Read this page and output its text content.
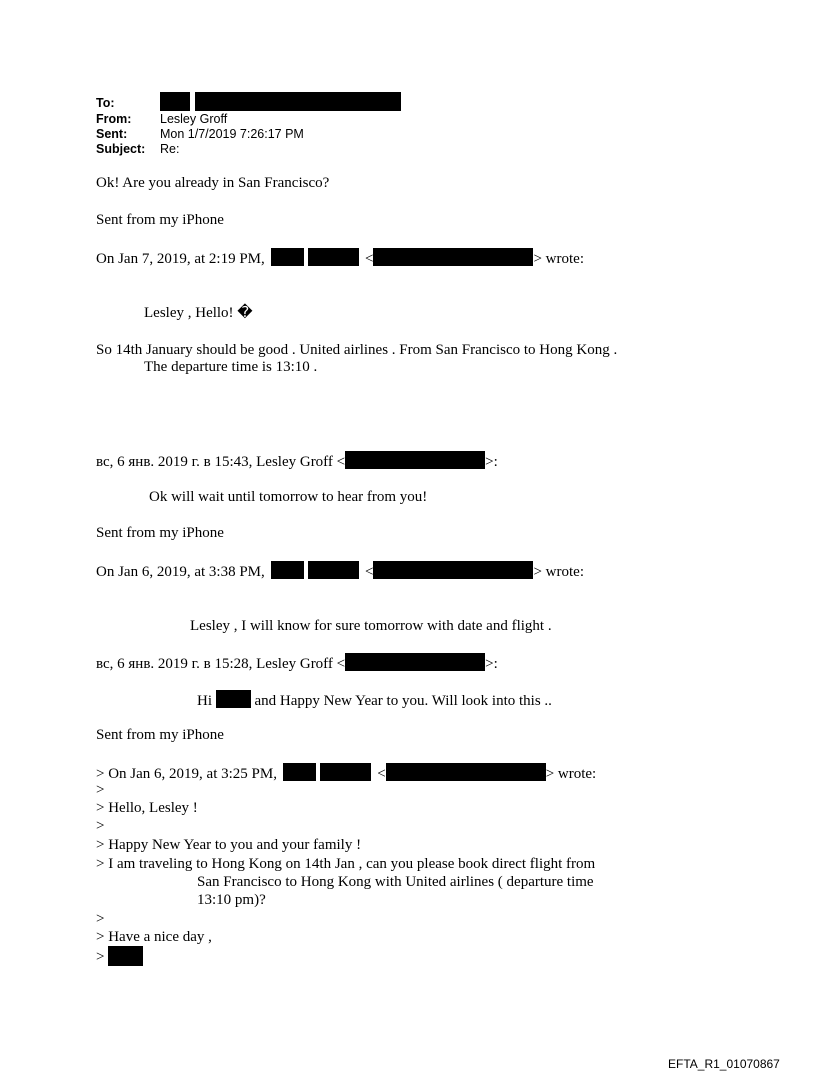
To:
From: Lesley Groff
Sent:	Mon 1/7/2019 7:26:17 PM
Subject: Re:
Ok! Are you already in San Francisco?
Sent from my iPhone
On Jan 7, 2019, at 2:19 PM,	<	> wrote:
Lesley , Hello! �
So 14th January should be good . United airlines . From San Francisco to Hong Kong .
The departure time is 13:10 .
вс, 6 янв. 2019 г. в 15:43, Lesley Groff <	>:
Ok will wait until tomorrow to hear from you!
Sent from my iPhone
On Jan 6, 2019, at 3:38 PM,	<	> wrote:
Lesley , I will know for sure tomorrow with date and flight .
вс, 6 янв. 2019 г. в 15:28, Lesley Groff <	>:
Hi	and Happy New Year to you. Will look into this ..
Sent from my iPhone
> On Jan 6, 2019, at 3:25 PM,	<	> wrote:
>
> Hello, Lesley !
>
> Happy New Year to you and your family !
> I am traveling to Hong Kong on 14th Jan , can you please book direct flight from
San Francisco to Hong Kong with United airlines ( departure time
13:10 pm)?
>
> Have a nice day ,
>
EFTA_R1_01070867
